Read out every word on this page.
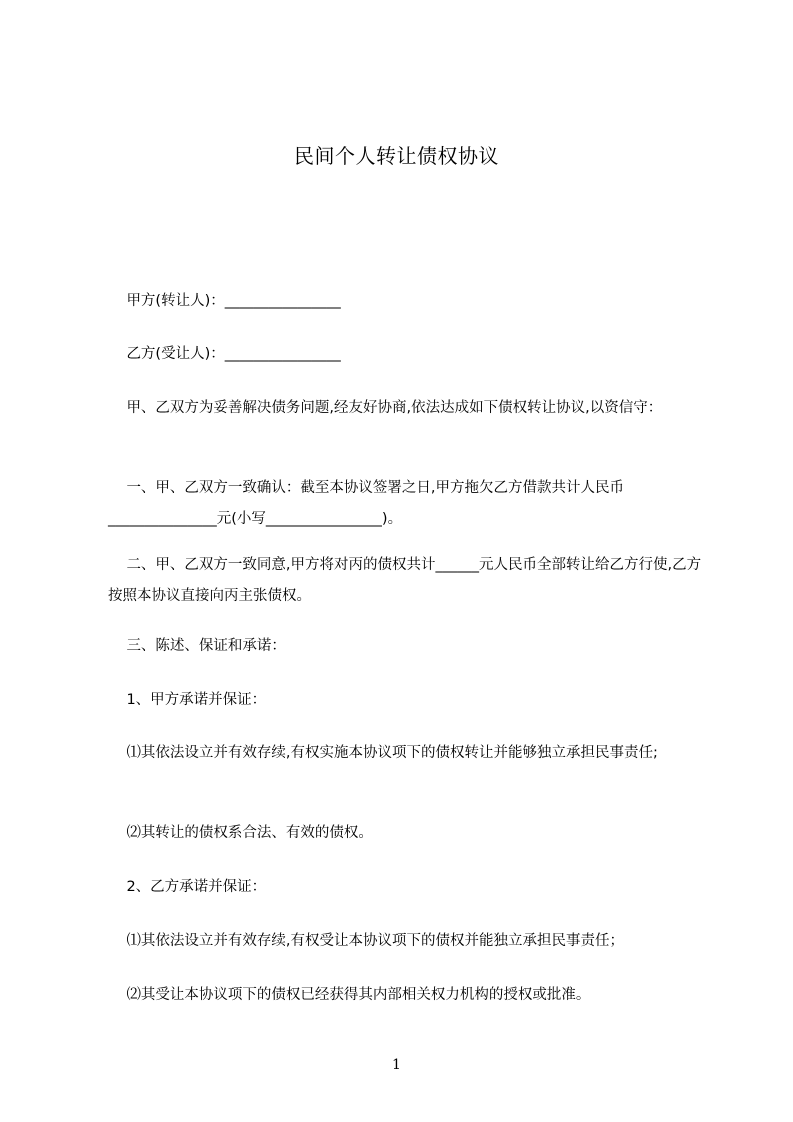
民间个人转让债权协议
甲方(转让人)：________________
乙方(受让人)：________________
甲、乙双方为妥善解决债务问题,经友好协商,依法达成如下债权转让协议,以资信守：
一、甲、乙双方一致确认：截至本协议签署之日,甲方拖欠乙方借款共计人民币_______________元(小写________________)。
二、甲、乙双方一致同意,甲方将对丙的债权共计______元人民币全部转让给乙方行使,乙方按照本协议直接向丙主张债权。
三、陈述、保证和承诺：
1、甲方承诺并保证：
⑴其依法设立并有效存续,有权实施本协议项下的债权转让并能够独立承担民事责任;
⑵其转让的债权系合法、有效的债权。
2、乙方承诺并保证：
⑴其依法设立并有效存续,有权受让本协议项下的债权并能独立承担民事责任；
⑵其受让本协议项下的债权已经获得其内部相关权力机构的授权或批准。
1
